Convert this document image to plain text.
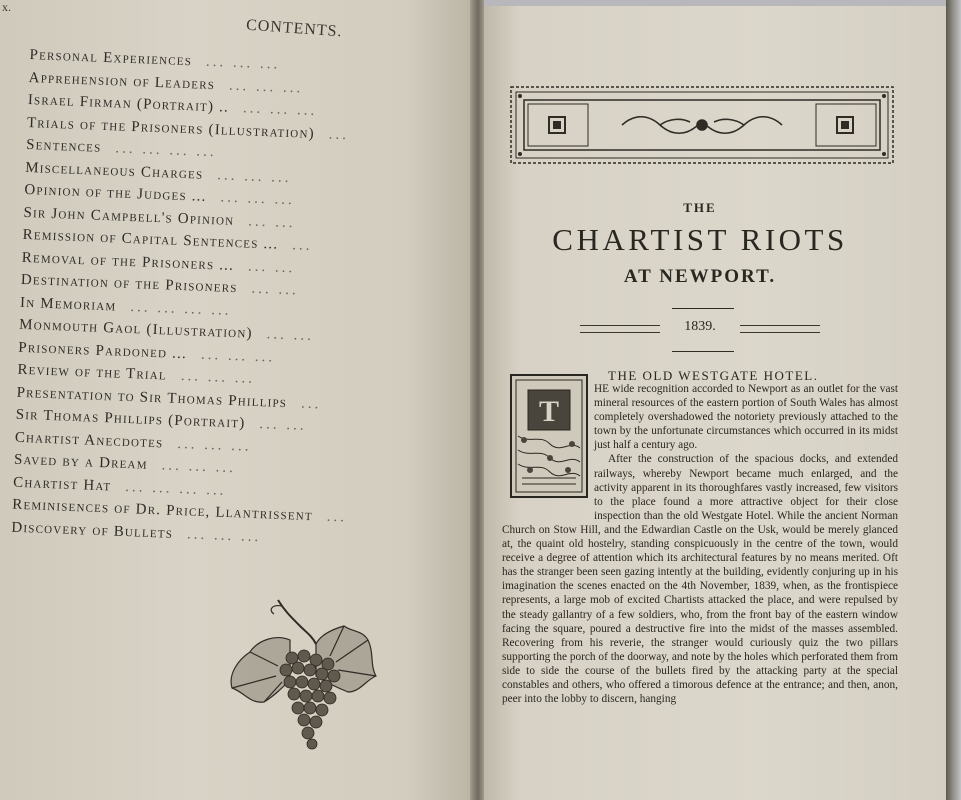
x.
CONTENTS.
Personal Experiences ... ... ...
Apprehension of Leaders ... ... ...
Israel Firman (Portrait) .. ... ... ...
Trials of the Prisoners (Illustration) ...
Sentences ... ... ... ...
Miscellaneous Charges ... ... ...
Opinion of the Judges ... ... ... ...
Sir John Campbell's Opinion ... ...
Remission of Capital Sentences ... ...
Removal of the Prisoners ... ... ...
Destination of the Prisoners ... ...
In Memoriam ... ... ... ...
Monmouth Gaol (Illustration) ... ...
Prisoners Pardoned ... ... ... ...
Review of the Trial ... ... ...
Presentation to Sir Thomas Phillips ...
Sir Thomas Phillips (Portrait) ... ...
Chartist Anecdotes ... ... ...
Saved by a Dream ... ... ...
Chartist Hat ... ... ... ...
Reminisences of Dr. Price, Llantrissent ...
Discovery of Bullets ... ... ...
THE
CHARTIST RIOTS
AT NEWPORT.
1839.
THE OLD WESTGATE HOTEL.

HE wide recognition accorded to Newport as an outlet for the vast mineral resources of the eastern portion of South Wales has almost completely overshadowed the notoriety previously attached to the town by the unfortunate circumstances which occurred in its midst just half a century ago.

After the construction of the spacious docks, and extended railways, whereby Newport became much enlarged, and the activity apparent in its thoroughfares vastly increased, few visitors to the place found a more attractive object for their close inspection than the old Westgate Hotel. While the ancient Norman Church on Stow Hill, and the Edwardian Castle on the Usk, would be merely glanced at, the quaint old hostelry, standing conspicuously in the centre of the town, would receive a degree of attention which its architectural features by no means merited. Oft has the stranger been seen gazing intently at the building, evidently conjuring up in his imagination the scenes enacted on the 4th November, 1839, when, as the frontispiece represents, a large mob of excited Chartists attacked the place, and were repulsed by the steady gallantry of a few soldiers, who, from the front bay of the eastern window facing the square, poured a destructive fire into the midst of the masses assembled. Recovering from his reverie, the stranger would curiously quiz the two pillars supporting the porch of the doorway, and note by the holes which perforated them from side to side the course of the bullets fired by the attacking party at the special constables and others, who offered a timorous defence at the entrance; and then, anon, peer into the lobby to discern, hanging

T
